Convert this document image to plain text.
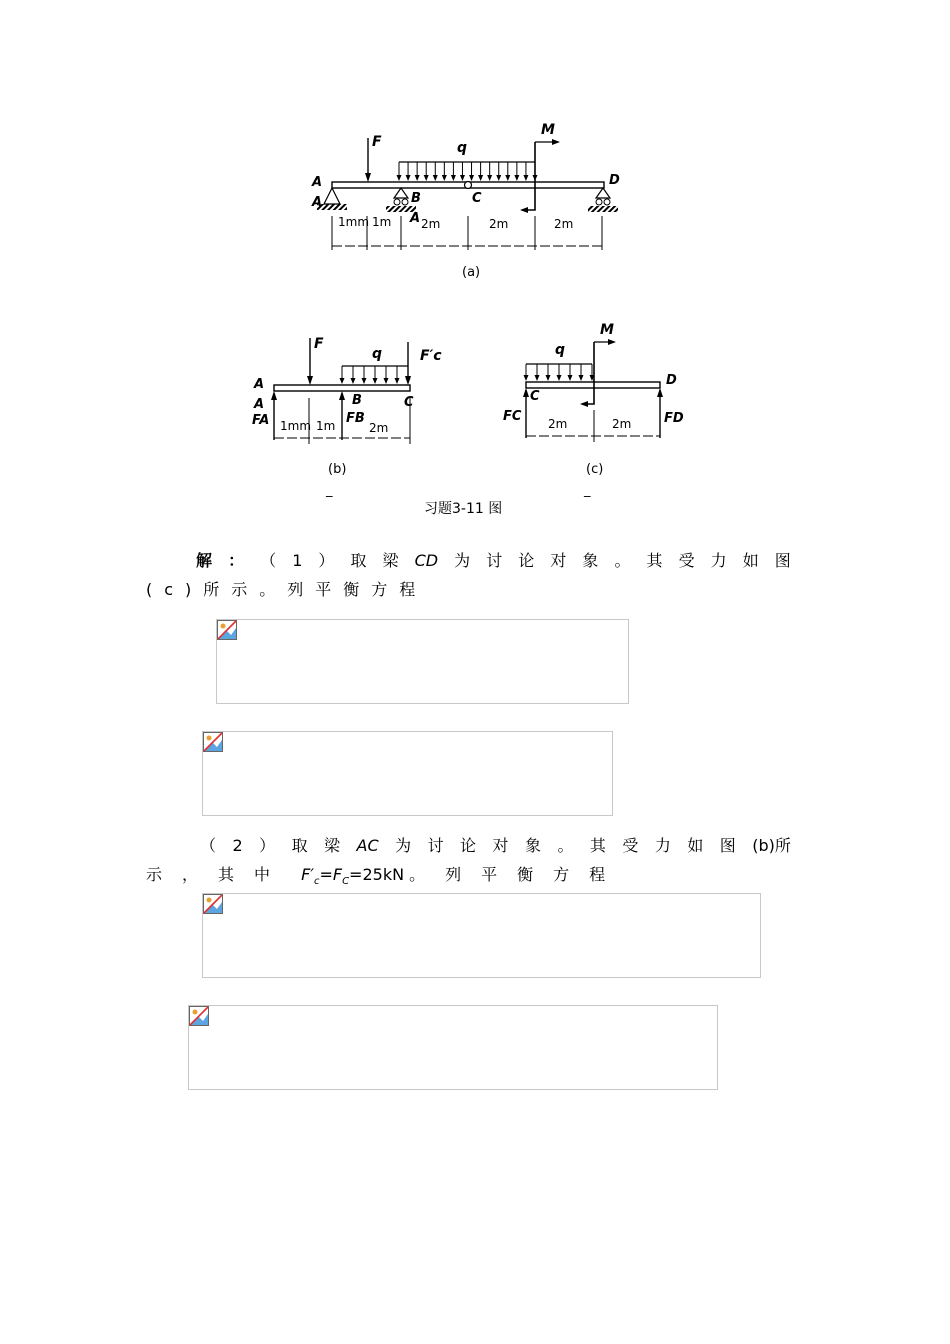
A
A	B
A
C
D
F	q
M
1mm 1m 2m	2m	2m
(a)
A
A	B	C
F
q	F′c
FA	FB
1mm 1m	2m
(b)
_
C
D
q
M
FC	FD
2m	2m
(c)
_
习题3-11 图
解 ： （ 1 ） 取 梁 CD 为 讨 论 对 象 。 其 受 力 如 图
(c)所示。列平衡方程
（ 2 ） 取 梁 AC 为 讨 论 对 象 。 其 受 力 如 图 (b)所
示，其中 $F'_c=F_C=25kN$ 。列平衡方程
